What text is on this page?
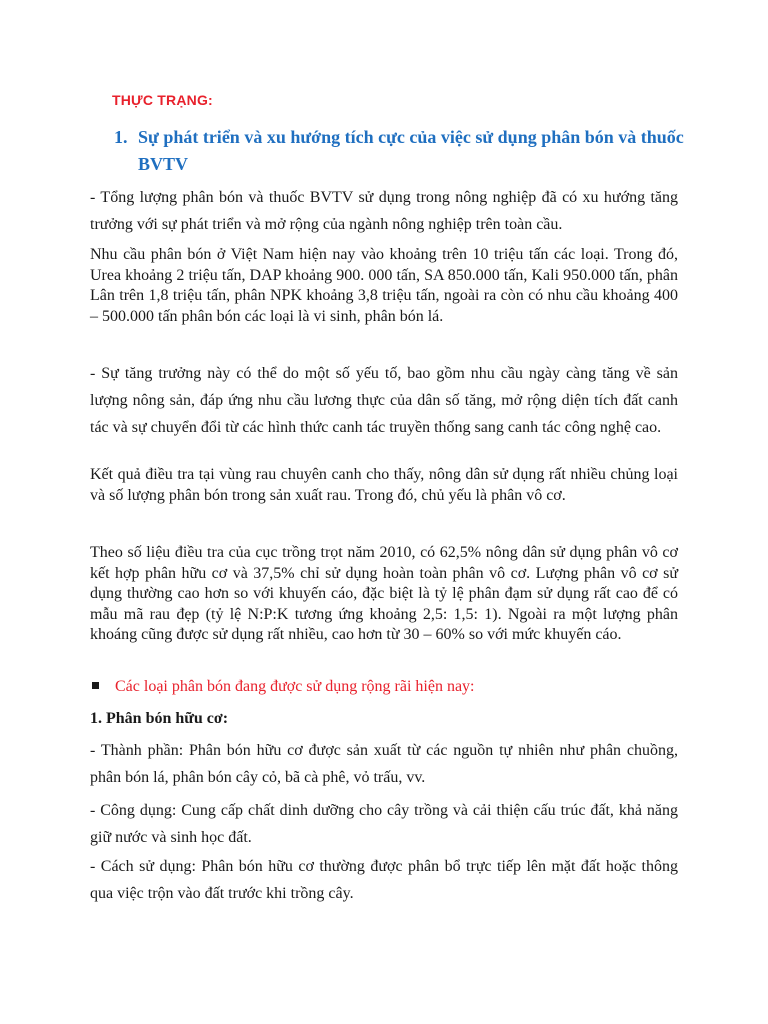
THỰC TRẠNG:

1. Sự phát triển và xu hướng tích cực của việc sử dụng phân bón và thuốc BVTV

- Tổng lượng phân bón và thuốc BVTV sử dụng trong nông nghiệp đã có xu hướng tăng trưởng với sự phát triển và mở rộng của ngành nông nghiệp trên toàn cầu.

Nhu cầu phân bón ở Việt Nam hiện nay vào khoảng trên 10 triệu tấn các loại. Trong đó, Urea khoảng 2 triệu tấn, DAP khoảng 900. 000 tấn, SA 850.000 tấn, Kali 950.000 tấn, phân Lân trên 1,8 triệu tấn, phân NPK khoảng 3,8 triệu tấn, ngoài ra còn có nhu cầu khoảng 400 – 500.000 tấn phân bón các loại là vi sinh, phân bón lá.

- Sự tăng trưởng này có thể do một số yếu tố, bao gồm nhu cầu ngày càng tăng về sản lượng nông sản, đáp ứng nhu cầu lương thực của dân số tăng, mở rộng diện tích đất canh tác và sự chuyển đổi từ các hình thức canh tác truyền thống sang canh tác công nghệ cao.

Kết quả điều tra tại vùng rau chuyên canh cho thấy, nông dân sử dụng rất nhiều chủng loại và số lượng phân bón trong sản xuất rau. Trong đó, chủ yếu là phân vô cơ.

Theo số liệu điều tra của cục trồng trọt năm 2010, có 62,5% nông dân sử dụng phân vô cơ kết hợp phân hữu cơ và 37,5% chỉ sử dụng hoàn toàn phân vô cơ. Lượng phân vô cơ sử dụng thường cao hơn so với khuyến cáo, đặc biệt là tỷ lệ phân đạm sử dụng rất cao để có mẫu mã rau đẹp (tỷ lệ N:P:K tương ứng khoảng 2,5: 1,5: 1). Ngoài ra một lượng phân khoáng cũng được sử dụng rất nhiều, cao hơn từ 30 – 60% so với mức khuyến cáo.

Các loại phân bón đang được sử dụng rộng rãi hiện nay:

1. Phân bón hữu cơ:

- Thành phần: Phân bón hữu cơ được sản xuất từ các nguồn tự nhiên như phân chuồng, phân bón lá, phân bón cây cỏ, bã cà phê, vỏ trấu, vv.

- Công dụng: Cung cấp chất dinh dưỡng cho cây trồng và cải thiện cấu trúc đất, khả năng giữ nước và sinh học đất.

- Cách sử dụng: Phân bón hữu cơ thường được phân bổ trực tiếp lên mặt đất hoặc thông qua việc trộn vào đất trước khi trồng cây.
